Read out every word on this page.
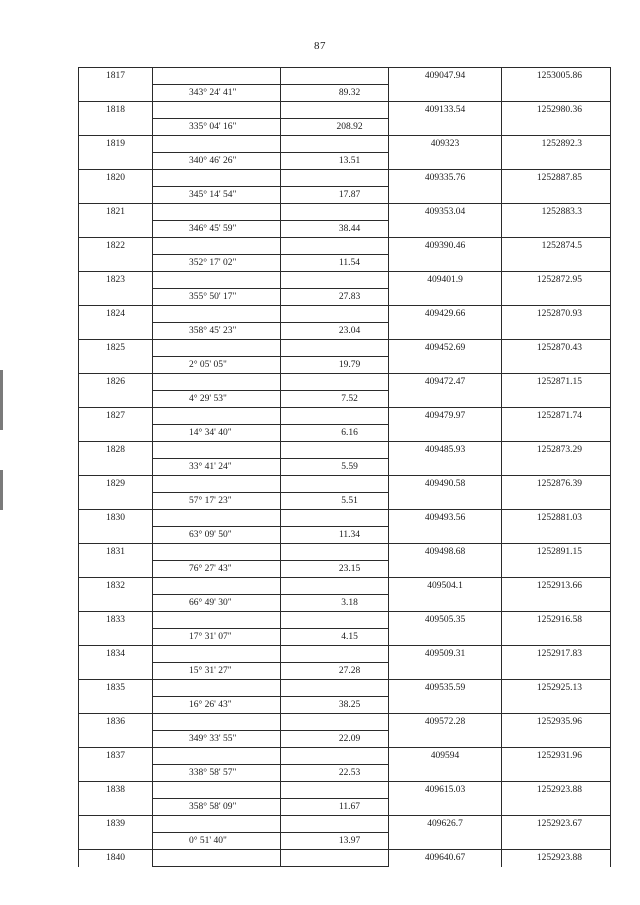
87
1817			409047.94	1253005.86
	343° 24' 41"	89.32		
1818			409133.54	1252980.36
	335° 04' 16"	208.92		
1819			409323	1252892.3
	340° 46' 26"	13.51		
1820			409335.76	1252887.85
	345° 14' 54"	17.87		
1821			409353.04	1252883.3
	346° 45' 59"	38.44		
1822			409390.46	1252874.5
	352° 17' 02"	11.54		
1823			409401.9	1252872.95
	355° 50' 17"	27.83		
1824			409429.66	1252870.93
	358° 45' 23"	23.04		
1825			409452.69	1252870.43
	2° 05' 05"	19.79		
1826			409472.47	1252871.15
	4° 29' 53"	7.52		
1827			409479.97	1252871.74
	14° 34' 40"	6.16		
1828			409485.93	1252873.29
	33° 41' 24"	5.59		
1829			409490.58	1252876.39
	57° 17' 23"	5.51		
1830			409493.56	1252881.03
	63° 09' 50"	11.34		
1831			409498.68	1252891.15
	76° 27' 43"	23.15		
1832			409504.1	1252913.66
	66° 49' 30"	3.18		
1833			409505.35	1252916.58
	17° 31' 07"	4.15		
1834			409509.31	1252917.83
	15° 31' 27"	27.28		
1835			409535.59	1252925.13
	16° 26' 43"	38.25		
1836			409572.28	1252935.96
	349° 33' 55"	22.09		
1837			409594	1252931.96
	338° 58' 57"	22.53		
1838			409615.03	1252923.88
	358° 58' 09"	11.67		
1839			409626.7	1252923.67
	0° 51' 40"	13.97		
1840			409640.67	1252923.88
